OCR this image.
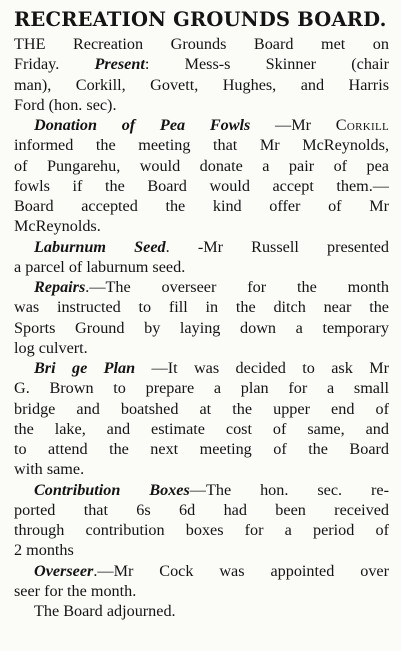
RECREATION GROUNDS BOARD.
THE Recreation Grounds Board met on
Friday. Present: Mess-s Skinner (chair
man), Corkill, Govett, Hughes, and Harris
Ford (hon. sec).
Donation of Pea Fowls —Mr Corkill
informed the meeting that Mr McReynolds,
of Pungarehu, would donate a pair of pea
fowls if the Board would accept them.—
Board accepted the kind offer of Mr
McReynolds.
Laburnum Seed. -Mr Russell presented
a parcel of laburnum seed.
Repairs.—The overseer for the month
was instructed to fill in the ditch near the
Sports Ground by laying down a temporary
log culvert.
Bri ge Plan —It was decided to ask Mr
G. Brown to prepare a plan for a small
bridge and boatshed at the upper end of
the lake, and estimate cost of same, and
to attend the next meeting of the Board
with same.
Contribution Boxes—The hon. sec. re-
ported that 6s 6d had been received
through contribution boxes for a period of
2 months
Overseer.—Mr Cock was appointed over
seer for the month.
The Board adjourned.
